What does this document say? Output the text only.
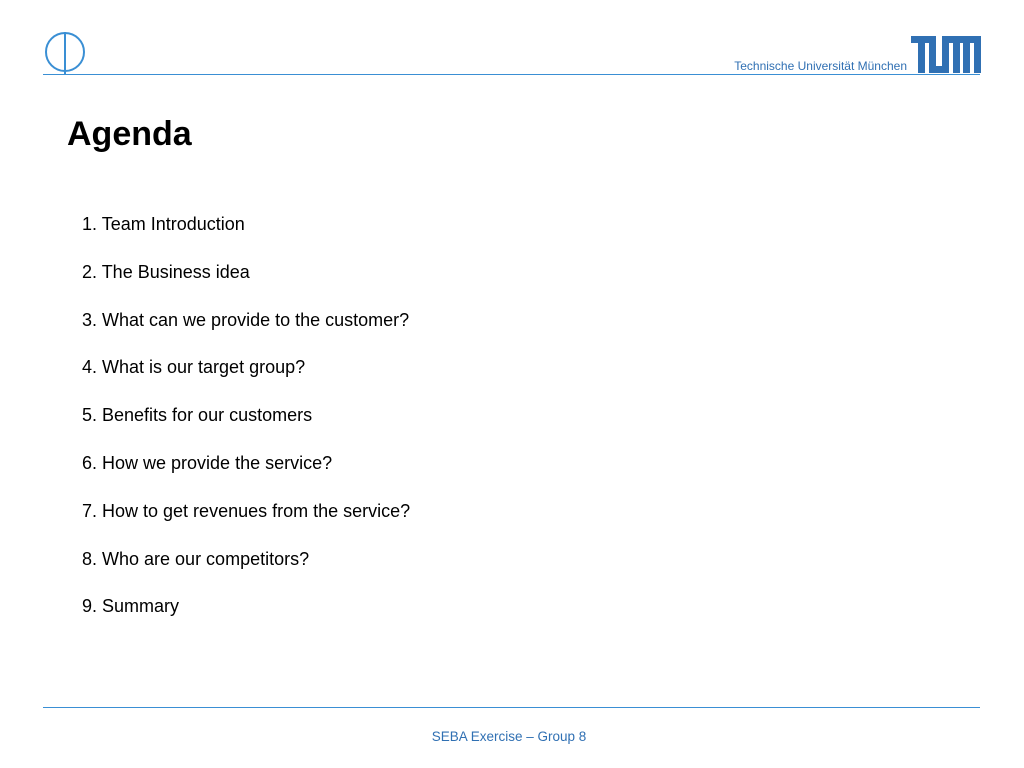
Technische Universität München
Agenda
1. Team Introduction
2. The Business idea
3. What can we provide to the customer?
4. What is our target group?
5. Benefits for our customers
6. How we provide the service?
7. How to get revenues from the service?
8. Who are our competitors?
9. Summary
SEBA Exercise – Group 8
